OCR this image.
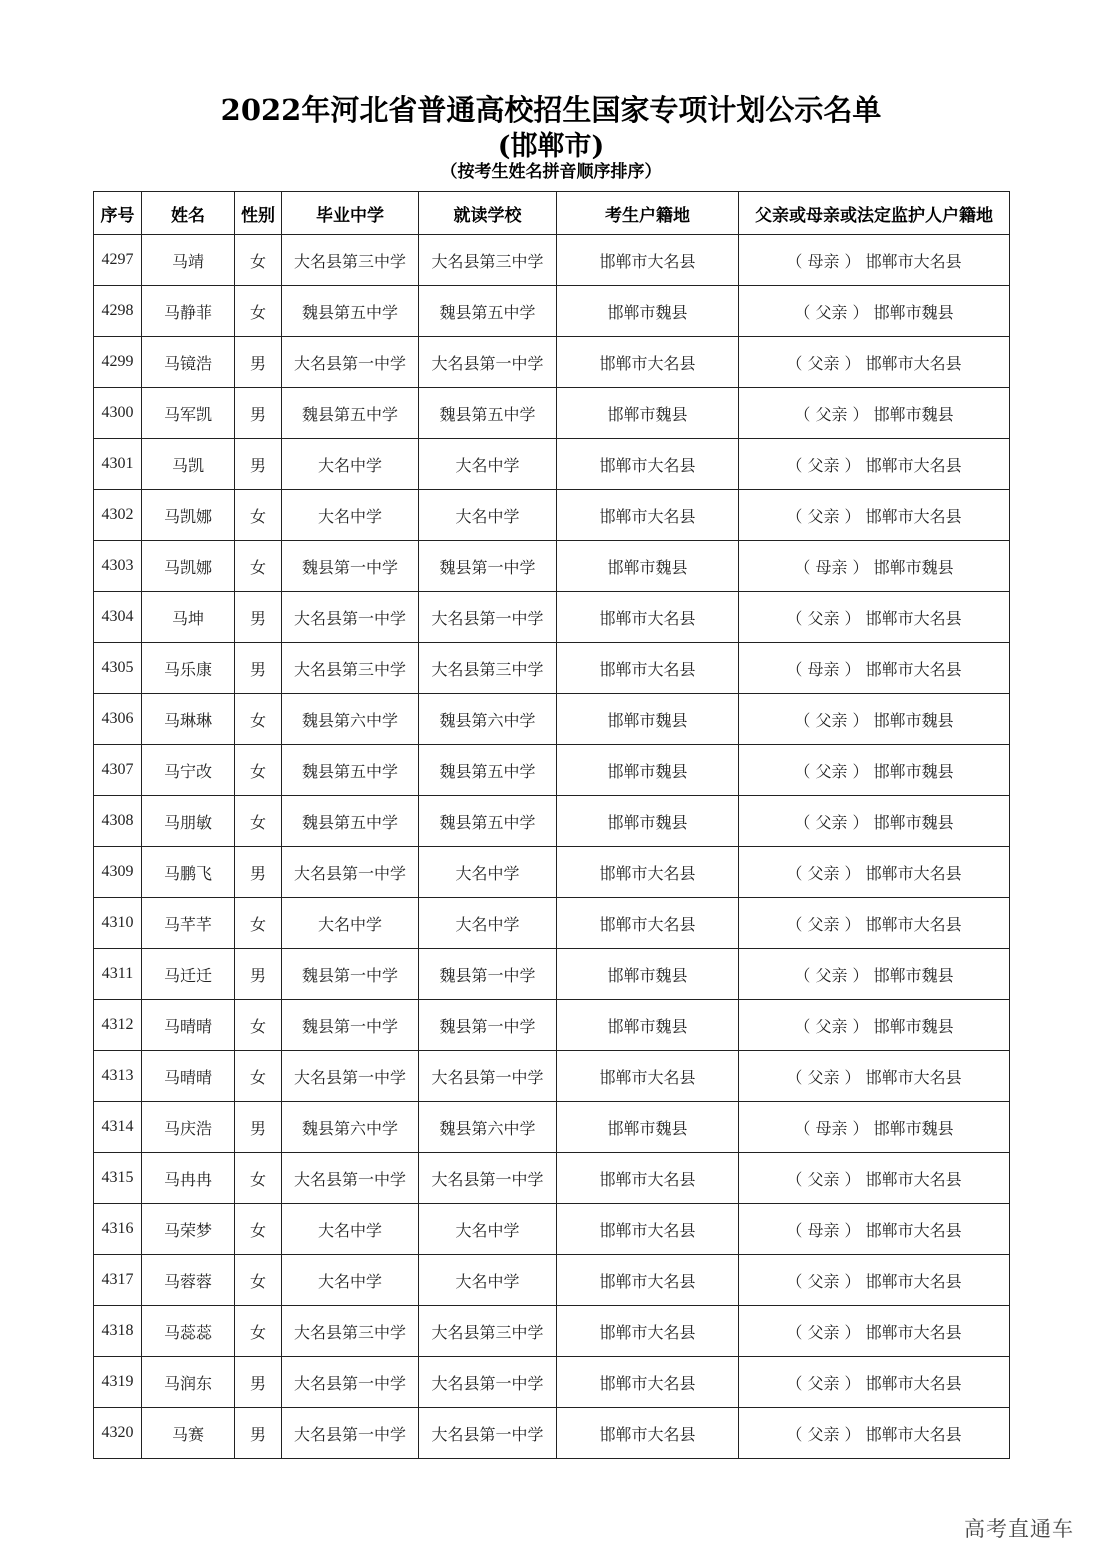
2022年河北省普通高校招生国家专项计划公示名单
(邯郸市)
（按考生姓名拼音顺序排序）
序号	姓名	性别	毕业中学	就读学校	考生户籍地	父亲或母亲或法定监护人户籍地
4297	马靖	女	大名县第三中学	大名县第三中学	邯郸市大名县	（ 母亲 ） 邯郸市大名县
4298	马静菲	女	魏县第五中学	魏县第五中学	邯郸市魏县	（ 父亲 ） 邯郸市魏县
4299	马镜浩	男	大名县第一中学	大名县第一中学	邯郸市大名县	（ 父亲 ） 邯郸市大名县
4300	马军凯	男	魏县第五中学	魏县第五中学	邯郸市魏县	（ 父亲 ） 邯郸市魏县
4301	马凯	男	大名中学	大名中学	邯郸市大名县	（ 父亲 ） 邯郸市大名县
4302	马凯娜	女	大名中学	大名中学	邯郸市大名县	（ 父亲 ） 邯郸市大名县
4303	马凯娜	女	魏县第一中学	魏县第一中学	邯郸市魏县	（ 母亲 ） 邯郸市魏县
4304	马坤	男	大名县第一中学	大名县第一中学	邯郸市大名县	（ 父亲 ） 邯郸市大名县
4305	马乐康	男	大名县第三中学	大名县第三中学	邯郸市大名县	（ 母亲 ） 邯郸市大名县
4306	马琳琳	女	魏县第六中学	魏县第六中学	邯郸市魏县	（ 父亲 ） 邯郸市魏县
4307	马宁改	女	魏县第五中学	魏县第五中学	邯郸市魏县	（ 父亲 ） 邯郸市魏县
4308	马朋敏	女	魏县第五中学	魏县第五中学	邯郸市魏县	（ 父亲 ） 邯郸市魏县
4309	马鹏飞	男	大名县第一中学	大名中学	邯郸市大名县	（ 父亲 ） 邯郸市大名县
4310	马芊芊	女	大名中学	大名中学	邯郸市大名县	（ 父亲 ） 邯郸市大名县
4311	马迁迁	男	魏县第一中学	魏县第一中学	邯郸市魏县	（ 父亲 ） 邯郸市魏县
4312	马晴晴	女	魏县第一中学	魏县第一中学	邯郸市魏县	（ 父亲 ） 邯郸市魏县
4313	马晴晴	女	大名县第一中学	大名县第一中学	邯郸市大名县	（ 父亲 ） 邯郸市大名县
4314	马庆浩	男	魏县第六中学	魏县第六中学	邯郸市魏县	（ 母亲 ） 邯郸市魏县
4315	马冉冉	女	大名县第一中学	大名县第一中学	邯郸市大名县	（ 父亲 ） 邯郸市大名县
4316	马荣梦	女	大名中学	大名中学	邯郸市大名县	（ 母亲 ） 邯郸市大名县
4317	马蓉蓉	女	大名中学	大名中学	邯郸市大名县	（ 父亲 ） 邯郸市大名县
4318	马蕊蕊	女	大名县第三中学	大名县第三中学	邯郸市大名县	（ 父亲 ） 邯郸市大名县
4319	马润东	男	大名县第一中学	大名县第一中学	邯郸市大名县	（ 父亲 ） 邯郸市大名县
4320	马赛	男	大名县第一中学	大名县第一中学	邯郸市大名县	（ 父亲 ） 邯郸市大名县
高考直通车
